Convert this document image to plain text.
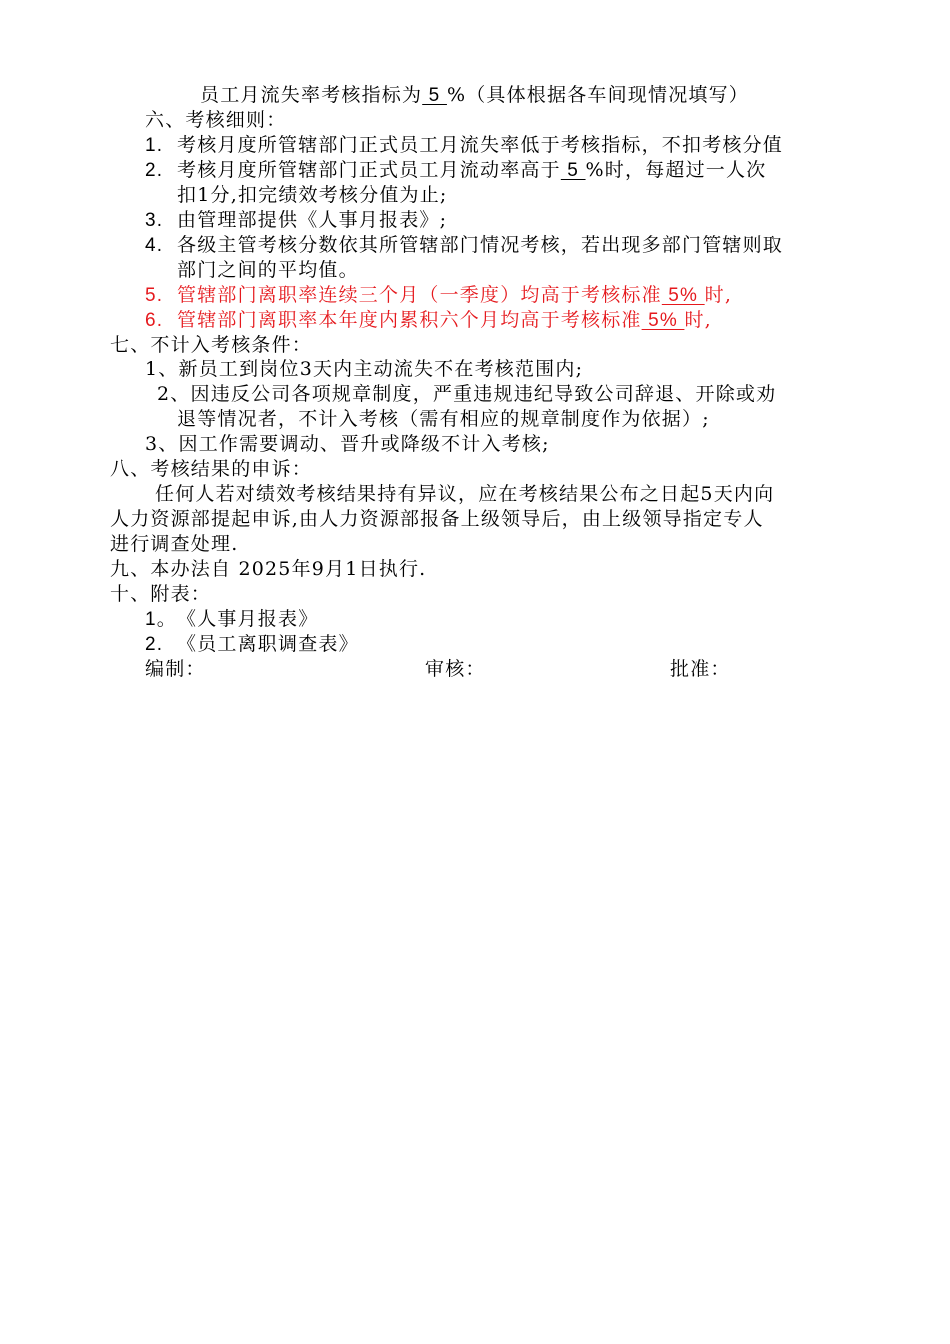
员工月流失率考核指标为 5 %（具体根据各车间现情况填写）
六、考核细则：
1. 考核月度所管辖部门正式员工月流失率低于考核指标，不扣考核分值
2. 考核月度所管辖部门正式员工月流动率高于 5 %时，每超过一人次
扣1分,扣完绩效考核分值为止;
3. 由管理部提供《人事月报表》;
4. 各级主管考核分数依其所管辖部门情况考核，若出现多部门管辖则取
部门之间的平均值。
5. 管辖部门离职率连续三个月（一季度）均高于考核标准 5% 时,
6. 管辖部门离职率本年度内累积六个月均高于考核标准 5% 时,
七、不计入考核条件：
1、新员工到岗位3天内主动流失不在考核范围内;
2、因违反公司各项规章制度，严重违规违纪导致公司辞退、开除或劝
退等情况者，不计入考核（需有相应的规章制度作为依据）;
3、因工作需要调动、晋升或降级不计入考核;
八、考核结果的申诉：
任何人若对绩效考核结果持有异议，应在考核结果公布之日起5天内向
人力资源部提起申诉,由人力资源部报备上级领导后，由上级领导指定专人
进行调查处理.
九、本办法自 2025年9月1日执行.
十、附表：
1。《人事月报表》
2. 《员工离职调查表》
编制：	审核：	批准：
